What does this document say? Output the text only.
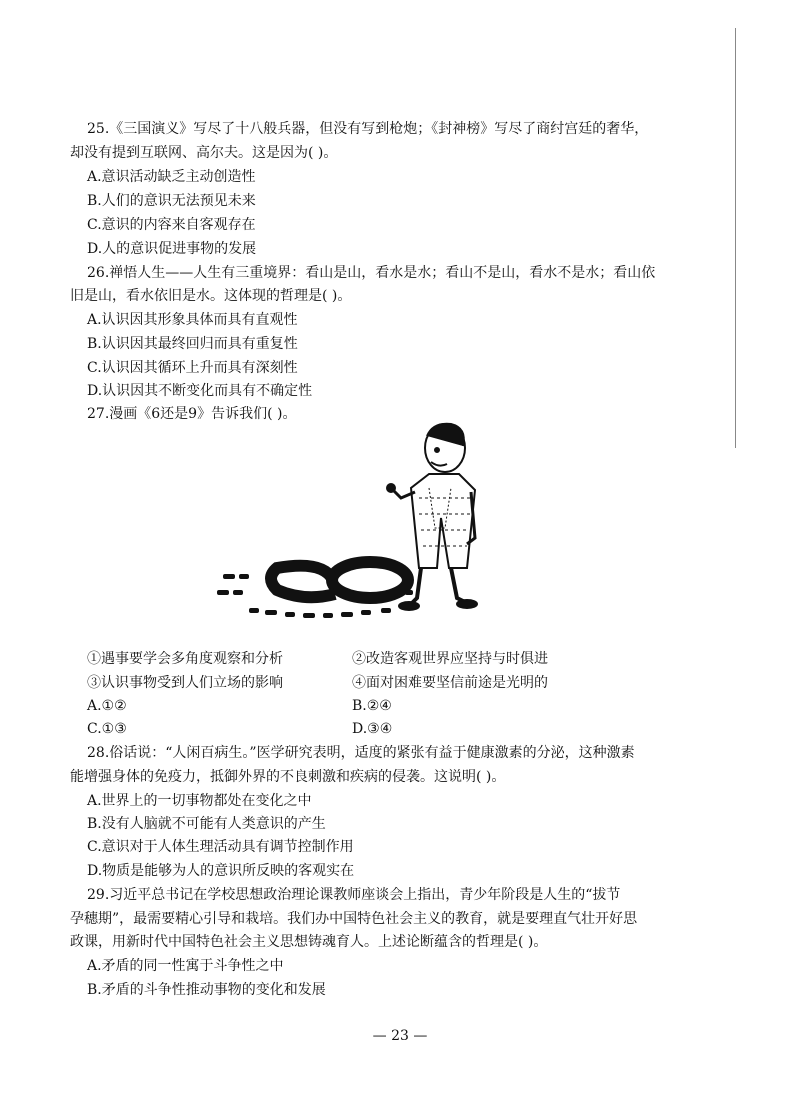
25.《三国演义》写尽了十八般兵器，但没有写到枪炮；《封神榜》写尽了商纣宫廷的奢华，
却没有提到互联网、高尔夫。这是因为( )。
A.意识活动缺乏主动创造性
B.人们的意识无法预见未来
C.意识的内容来自客观存在
D.人的意识促进事物的发展
26.禅悟人生——人生有三重境界：看山是山，看水是水；看山不是山，看水不是水；看山依
旧是山，看水依旧是水。这体现的哲理是( )。
A.认识因其形象具体而具有直观性
B.认识因其最终回归而具有重复性
C.认识因其循环上升而具有深刻性
D.认识因其不断变化而具有不确定性
27.漫画《6还是9》告诉我们( )。
①遇事要学会多角度观察和分析	②改造客观世界应坚持与时俱进
③认识事物受到人们立场的影响	④面对困难要坚信前途是光明的
A.①②	B.②④
C.①③	D.③④
28.俗话说：“人闲百病生。”医学研究表明，适度的紧张有益于健康激素的分泌，这种激素
能增强身体的免疫力，抵御外界的不良刺激和疾病的侵袭。这说明( )。
A.世界上的一切事物都处在变化之中
B.没有人脑就不可能有人类意识的产生
C.意识对于人体生理活动具有调节控制作用
D.物质是能够为人的意识所反映的客观实在
29.习近平总书记在学校思想政治理论课教师座谈会上指出，青少年阶段是人生的“拔节
孕穗期”，最需要精心引导和栽培。我们办中国特色社会主义的教育，就是要理直气壮开好思
政课，用新时代中国特色社会主义思想铸魂育人。上述论断蕴含的哲理是( )。
A.矛盾的同一性寓于斗争性之中
B.矛盾的斗争性推动事物的变化和发展
— 23 —
